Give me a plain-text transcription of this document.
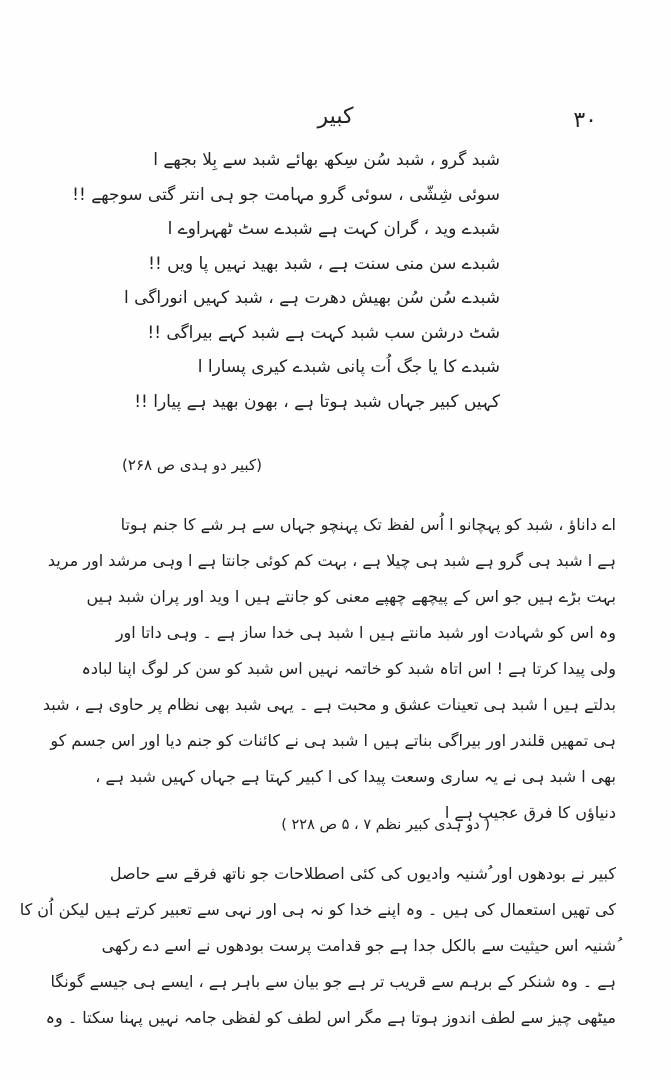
۳۰
کبیر
شبد گرو ، شبد سُن سِکھ بھائے شبد سے بِلا بجھے ا
سوئی شِشّی ، سوئی گرو مہامت جو ہی انتر گتی سوجھے !!
شبدے وید ، گران کہت ہے شبدے سٹ ٹھہراوے ا
شبدے سن منی سنت ہے ، شبد بھید نہیں پا ویں !!
شبدے سُن سُن بھیش دھرت ہے ، شبد کہیں انوراگی ا
شٹ درشن سب شبد کہت ہے شبد کہے بیراگی !!
شبدے کا یا جگ اُت پانی شبدے کیری پسارا ا
کہیں کبیر جہاں شبد ہوتا ہے ، بھون بھید ہے پیارا !!
(کبیر دو ہدی ص ۲۶۸)
اے داناؤ ، شبد کو پہچانو ا اُس لفظ تک پہنچو جہاں سے ہر شے کا جنم ہوتا
ہے ا شبد ہی گرو ہے شبد ہی چیلا ہے ، بہت کم کوئی جانتا ہے ا وہی مرشد اور مرید
بہت بڑے ہیں جو اس کے پیچھے چھپے معنی کو جانتے ہیں ا وید اور پران شبد ہیں
وہ اس کو شہادت اور شبد مانتے ہیں ا شبد ہی خدا ساز ہے ۔ وہی داتا اور
ولی پیدا کرتا ہے ! اس اتاہ شبد کو خاتمہ نہیں اس شبد کو سن کر لوگ اپنا لبادہ
بدلتے ہیں ا شبد ہی تعینات عشق و محبت ہے ۔ یہی شبد بھی نظام پر حاوی ہے ، شبد
ہی تمھیں قلندر اور بیراگی بناتے ہیں ا شبد ہی نے کائنات کو جنم دیا اور اس جسم کو
بھی ا شبد ہی نے یہ ساری وسعت پیدا کی ا کبیر کہتا ہے جہاں کہیں شبد ہے ،
دنیاؤں کا فرق عجیب ہے ا
( دو ہدی کبیر نظم ۷ ، ۵ ص ۲۲۸ )
کبیر نے بودھوں اور ُشنیہ وادیوں کی کئی اصطلاحات جو ناتھ فرقے سے حاصل
کی تھیں استعمال کی ہیں ۔ وہ اپنے خدا کو نہ ہی اور نہی سے تعبیر کرتے ہیں لیکن اُن کا
ُشنیہ اس حیثیت سے بالکل جدا ہے جو قدامت پرست بودھوں نے اسے دے رکھی
ہے ۔ وہ شنکر کے برہم سے قریب تر ہے جو بیان سے باہر ہے ، ایسے ہی جیسے گونگا
میٹھی چیز سے لطف اندوز ہوتا ہے مگر اس لطف کو لفظی جامہ نہیں پہنا سکتا ۔ وہ
